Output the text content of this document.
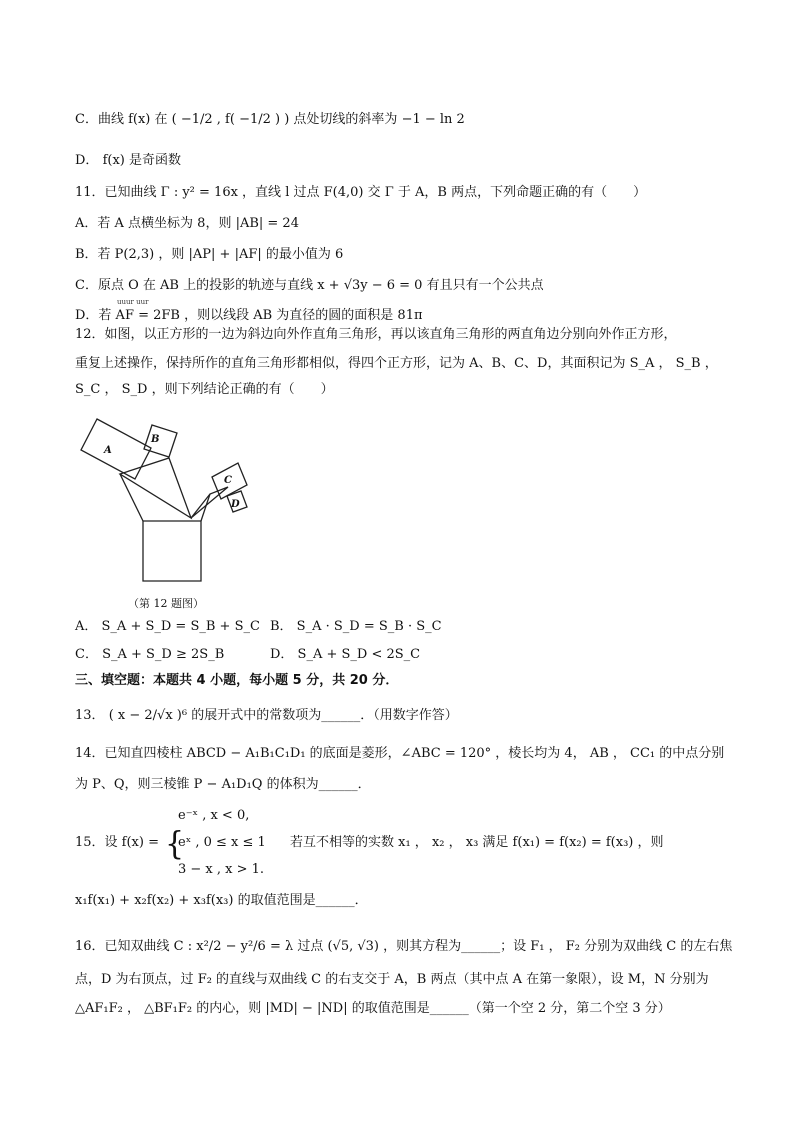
C．曲线 f(x) 在 ( −1/2 , f( −1/2 ) ) 点处切线的斜率为 −1 − ln 2
D． f(x) 是奇函数
11．已知曲线 Γ : y² = 16x ，直线 l 过点 F(4,0) 交 Γ 于 A，B 两点，下列命题正确的有（　　）
A．若 A 点横坐标为 8，则 |AB| = 24
B．若 P(2,3) ，则 |AP| + |AF| 的最小值为 6
C．原点 O 在 AB 上的投影的轨迹与直线 x + √3y − 6 = 0 有且只有一个公共点
uuur uur
D．若 AF = 2FB ，则以线段 AB 为直径的圆的面积是 81π
12．如图，以正方形的一边为斜边向外作直角三角形，再以该直角三角形的两直角边分别向外作正方形，
重复上述操作，保持所作的直角三角形都相似，得四个正方形，记为 A、B、C、D，其面积记为 S_A ， S_B ，
S_C ， S_D ，则下列结论正确的有（　　）
A
B
C
D
（第 12 题图）
A． S_A + S_D = S_B + S_C B． S_A · S_D = S_B · S_C
C． S_A + S_D ≥ 2S_B	D． S_A + S_D < 2S_C
三、填空题：本题共 4 小题，每小题 5 分，共 20 分．
13． ( x − 2/√x )⁶ 的展开式中的常数项为______．（用数字作答）
14．已知直四棱柱 ABCD − A₁B₁C₁D₁ 的底面是菱形，∠ABC = 120° ，棱长均为 4， AB ， CC₁ 的中点分别
为 P、Q，则三棱锥 P − A₁D₁Q 的体积为______．
15．设 f(x) = {
e⁻ˣ , x < 0,
eˣ , 0 ≤ x ≤ 1
3 − x , x > 1.
若互不相等的实数 x₁ ， x₂ ， x₃ 满足 f(x₁) = f(x₂) = f(x₃) ，则
x₁f(x₁) + x₂f(x₂) + x₃f(x₃) 的取值范围是______．
16．已知双曲线 C : x²/2 − y²/6 = λ 过点 (√5, √3) ，则其方程为______；设 F₁ ， F₂ 分别为双曲线 C 的左右焦
点，D 为右顶点，过 F₂ 的直线与双曲线 C 的右支交于 A，B 两点（其中点 A 在第一象限），设 M，N 分别为
△AF₁F₂ ， △BF₁F₂ 的内心，则 |MD| − |ND| 的取值范围是______（第一个空 2 分，第二个空 3 分）
